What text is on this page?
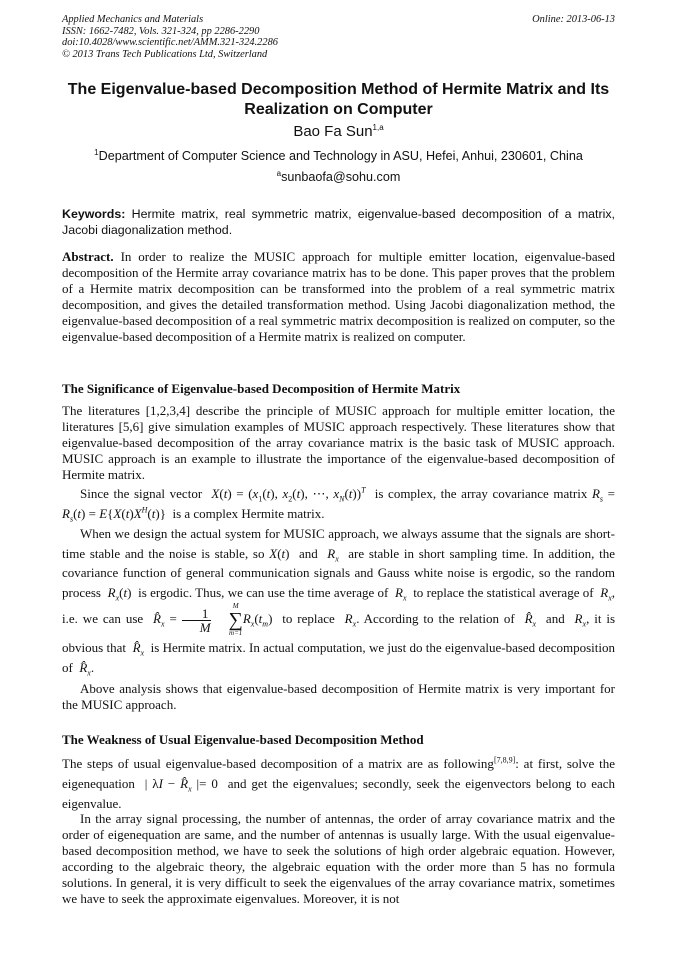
Applied Mechanics and Materials
ISSN: 1662-7482, Vols. 321-324, pp 2286-2290
doi:10.4028/www.scientific.net/AMM.321-324.2286
© 2013 Trans Tech Publications Ltd, Switzerland
Online: 2013-06-13
The Eigenvalue-based Decomposition Method of Hermite Matrix and Its Realization on Computer
Bao Fa Sun$^{1,a}$
$^1$Department of Computer Science and Technology in ASU, Hefei, Anhui, 230601, China
$^a$sunbaofa@sohu.com
Keywords: Hermite matrix, real symmetric matrix, eigenvalue-based decomposition of a matrix, Jacobi diagonalization method.
Abstract. In order to realize the MUSIC approach for multiple emitter location, eigenvalue-based decomposition of the Hermite array covariance matrix has to be done. This paper proves that the problem of a Hermite matrix decomposition can be transformed into the problem of a real symmetric matrix decomposition, and gives the detailed transformation method. Using Jacobi diagonalization method, the eigenvalue-based decomposition of a real symmetric matrix decomposition is realized on computer, so the eigenvalue-based decomposition of a Hermite matrix is realized on computer.
The Significance of Eigenvalue-based Decomposition of Hermite Matrix
The literatures [1,2,3,4] describe the principle of MUSIC approach for multiple emitter location, the literatures [5,6] give simulation examples of MUSIC approach respectively. These literatures show that eigenvalue-based decomposition of the array covariance matrix is the basic task of MUSIC approach. MUSIC approach is an example to illustrate the importance of the eigenvalue-based decomposition of Hermite matrix.
Since the signal vector $X(t) = (x_1(t)$, $x_2(t)$, ⋯, $x_N(t))^T$ is complex, the array covariance matrix $R_s = R_s(t) = E\{X(t)X^H(t)\}$  is a complex Hermite matrix.
When we design the actual system for MUSIC approach, we always assume that the signals are short-time stable and the noise is stable, so X(t)  and $R_x$ are stable in short sampling time. In addition, the covariance function of general communication signals and Gauss white noise is ergodic, so the random process $R_x(t)$  is ergodic. Thus, we can use the time average of $R_x$ to replace the statistical average of $R_x$, i.e. we can use $R̂_x = \frac{1}{M}$
M
∑
m=1
$R_x(t_m)$ to replace $R_x$. According to the relation of $R̂_x$ and $R_x$, it is obvious that $R̂_x$ is Hermite matrix. In actual computation, we just do the eigenvalue-based decomposition of $R̂_x$.
Above analysis shows that eigenvalue-based decomposition of Hermite matrix is very important for the MUSIC approach.
The Weakness of Usual Eigenvalue-based Decomposition Method
The steps of usual eigenvalue-based decomposition of a matrix are as following[7,8,9]: at first, solve the eigenequation | $\lambda I - R̂_x$ |= 0 and get the eigenvalues; secondly, seek the eigenvectors belong to each eigenvalue.
In the array signal processing, the number of antennas, the order of array covariance matrix and the order of eigenequation are same, and the number of antennas is usually large. With the usual eigenvalue-based decomposition method, we have to seek the solutions of high order algebraic equation. However, according to the algebraic theory, the algebraic equation with the order more than 5 has no formula solutions. In general, it is very difficult to seek the eigenvalues of the array covariance matrix, sometimes we have to seek the approximate eigenvalues. Moreover, it is not
